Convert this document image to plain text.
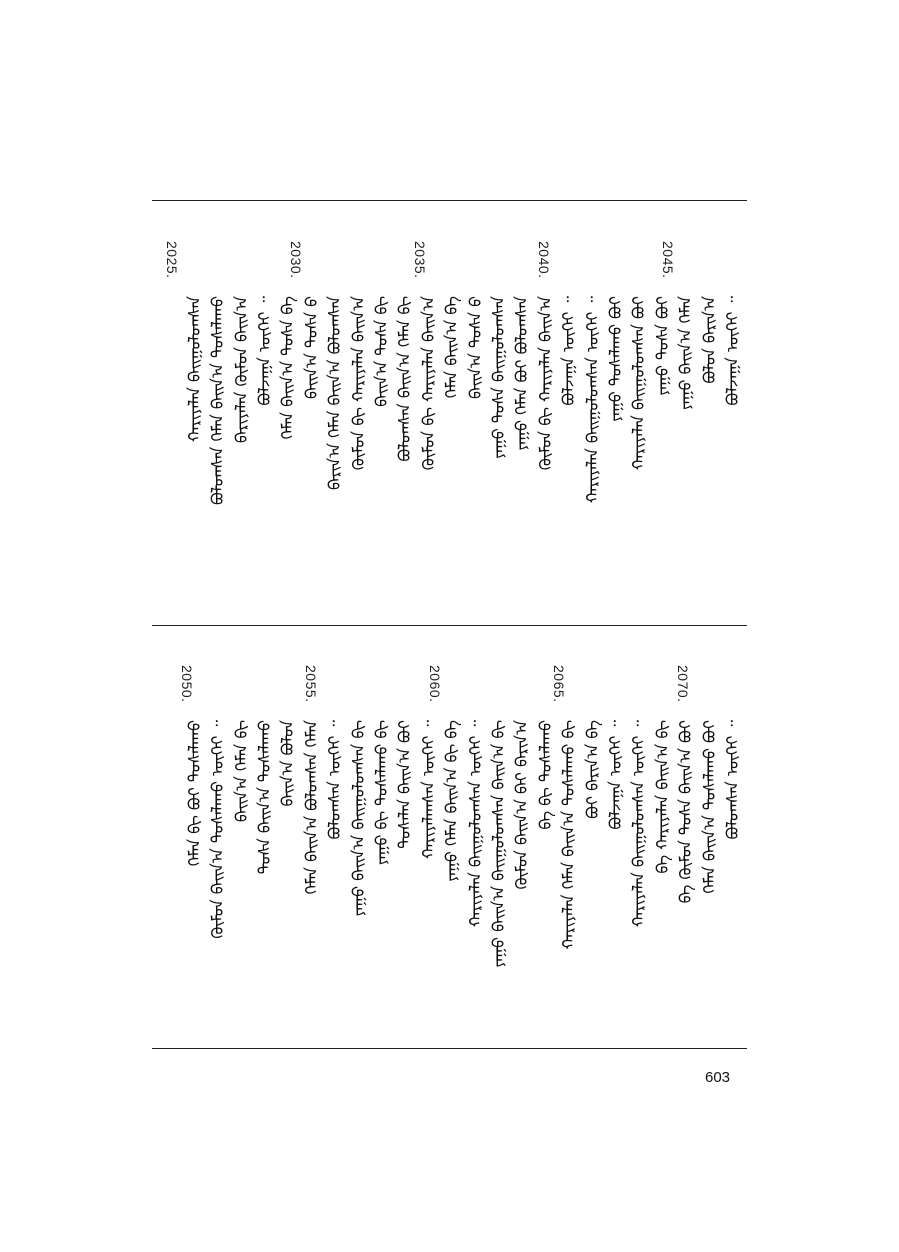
ᠪᠣᠯᠵᠠᠭᠠ ᠦᠭᠡᠢ ᠃
ᠪᠣᠯᠤᠨ ᠪᠠᠷᠢᠨ᠎ᠠ
ᠶᠠᠭᠤ ᠪᠠᠢᠨ᠎ᠠ ᠬᠡᠮᠡᠨ
ᠶᠠᠭᠤ ᠲᠤᠰᠠ ᠪᠣᠢ
ᠬᠠᠷᠢᠶᠠᠯᠠᠨ ᠪᠠᠢᠭᠤᠯᠤᠭᠰᠠᠨ ᠪᠣᠢ
ᠶᠠᠭᠤ ᠲᠤᠰᠠᠯᠠᠬᠤ ᠪᠣᠢ
ᠬᠠᠷᠢᠶᠠᠯᠠᠨ ᠪᠠᠢᠭᠤᠯᠤᠭᠰᠠᠨ ᠦᠭᠡᠢ ᠃
ᠪᠣᠯᠵᠠᠭᠠ ᠦᠭᠡᠢ ᠃
ᠬᠦᠮᠦᠨ ᠪᠢ ᠬᠠᠷᠢᠶᠠᠯᠠᠨ ᠪᠠᠢᠨ᠎ᠠ
ᠶᠠᠭᠤ ᠬᠡᠮᠡᠨ ᠪᠣᠢ ᠪᠣᠯᠤᠭᠰᠠᠨ
ᠶᠠᠭᠤ ᠲᠤᠰᠠ ᠪᠠᠢᠭᠤᠯᠤᠭᠰᠠᠨ
ᠪᠠᠢᠨ᠎ᠠ ᠲᠤᠰᠠ ᠪ
ᠬᠡᠮᠡᠨ ᠪᠠᠢᠨ᠎ᠠ ᠪᠠ
ᠬᠦᠮᠦᠨ ᠪᠢ ᠬᠠᠷᠢᠶᠠᠯᠠᠨ ᠪᠠᠢᠨ᠎ᠠ
ᠪᠣᠯᠤᠭᠰᠠᠨ ᠪᠠᠢᠨ᠎ᠠ ᠬᠡᠮᠡᠨ ᠪᠢ
ᠪᠠᠢᠨ᠎ᠠ ᠲᠤᠰᠠ ᠪᠢ
ᠬᠦᠮᠦᠨ ᠪᠢ ᠬᠠᠷᠢᠶᠠᠯᠠᠨ ᠪᠠᠢᠨ᠎ᠠ
ᠪᠠᠷᠢᠨ᠎ᠠ ᠬᠡᠮᠡᠨ ᠪᠠᠢᠨ᠎ᠠ ᠪᠣᠯᠤᠭᠰᠠᠨ
ᠪᠠᠢᠨ᠎ᠠ ᠲᠤᠰᠠ ᠪ
ᠬᠡᠮᠡᠨ ᠪᠠᠢᠨ᠎ᠠ ᠲᠤᠰᠠ ᠪᠠ
ᠪᠣᠯᠵᠠᠭᠠ ᠦᠭᠡᠢ ᠃
ᠪᠠᠷᠢᠶᠠᠯᠠᠨ ᠬᠦᠮᠦᠨ ᠪᠠᠢᠨ᠎ᠠ
ᠪᠣᠯᠤᠭᠰᠠᠨ ᠬᠡᠮᠡᠨ ᠪᠠᠢᠨ᠎ᠠ ᠲᠤᠰᠠᠯᠠᠬᠤ
ᠬᠠᠷᠢᠶᠠᠯᠠᠨ ᠪᠠᠢᠭᠤᠯᠤᠭᠰᠠᠨ
2045.
2040.
2035.
2030.
2025.
ᠪᠣᠯᠤᠭᠰᠠᠨ ᠦᠭᠡᠢ ᠃
ᠬᠡᠮᠡᠨ ᠪᠠᠢᠨ᠎ᠠ ᠲᠤᠰᠠᠯᠠᠬᠤ ᠪᠣᠢ
ᠪᠠ ᠬᠦᠮᠦᠨ ᠲᠤᠰᠠ ᠪᠠᠢᠨ᠎ᠠ ᠪᠣᠢ
ᠪᠠ ᠬᠠᠷᠢᠶᠠᠯᠠᠨ ᠪᠠᠢᠨ᠎ᠠ ᠪᠢ
ᠬᠠᠷᠢᠶᠠᠯᠠᠨ ᠪᠠᠢᠭᠤᠯᠤᠭᠰᠠᠨ ᠦᠭᠡᠢ ᠃
ᠪᠣᠯᠵᠠᠭᠠ ᠦᠭᠡᠢ ᠃
ᠪᠣᠢ ᠪᠠᠷᠢᠨ᠎ᠠ ᠪᠠ
ᠬᠠᠷᠢᠶᠠᠯᠠᠨ ᠬᠡᠮᠡᠨ ᠪᠠᠢᠨ᠎ᠠ ᠲᠤᠰᠠᠯᠠᠬᠤ ᠪᠢ
ᠪᠠ ᠪᠢ ᠲᠤᠰᠠᠯᠠᠬᠤ
ᠬᠦᠮᠦᠨ ᠪᠠᠢᠨ᠎ᠠ ᠪᠠᠢ ᠪᠠᠷᠢᠨ᠎ᠠ
ᠶᠠᠭᠤ ᠪᠠᠢᠨ᠎ᠠ ᠪᠠᠢᠭᠤᠯᠤᠭᠰᠠᠨ ᠪᠠᠢᠨ᠎ᠠ ᠪᠢ
ᠬᠠᠷᠢᠶᠠᠯᠠᠨ ᠪᠠᠢᠭᠤᠯᠤᠭᠰᠠᠨ ᠦᠭᠡᠢ ᠃
ᠶᠠᠭᠤ ᠬᠡᠮᠡᠨ ᠪᠠᠢᠨ᠎ᠠ ᠪᠢ ᠪᠠ
ᠬᠠᠷᠢᠶᠠᠯᠠᠭᠰᠠᠨ ᠦᠭᠡᠢ ᠃
ᠲᠤᠰᠠᠯᠠᠨ ᠪᠠᠢᠨ᠎ᠠ ᠪᠣᠢ
ᠶᠠᠭᠤ ᠪᠢ ᠲᠤᠰᠠᠯᠠᠬᠤ ᠪᠢ
ᠶᠠᠭᠤ ᠪᠠᠢᠨ᠎ᠠ ᠪᠠᠢᠭᠤᠯᠤᠭᠰᠠᠨ ᠪᠢ
ᠪᠣᠯᠤᠭᠰᠠᠨ ᠦᠭᠡᠢ ᠃
ᠬᠡᠮᠡᠨ ᠪᠠᠢᠨ᠎ᠠ ᠪᠣᠯᠤᠭᠰᠠᠨ ᠬᠡᠮᠡᠨ
ᠪᠠᠢᠨ᠎ᠠ ᠪᠣᠯᠤᠨ
ᠲᠤᠰᠠ ᠪᠠᠢᠨ᠎ᠠ ᠲᠤᠰᠠᠯᠠᠬᠤ
ᠪᠠᠢᠨ᠎ᠠ ᠬᠡᠮᠡᠨ ᠪᠢ
ᠬᠦᠮᠦᠨ ᠪᠠᠢᠨ᠎ᠠ ᠲᠤᠰᠠᠯᠠᠬᠤ ᠦᠭᠡᠢ ᠃
ᠬᠡᠮᠡᠨ ᠪᠢ ᠪᠣᠢ ᠲᠤᠰᠠᠯᠠᠬᠤ
2070.
2065.
2060.
2055.
2050.
603
